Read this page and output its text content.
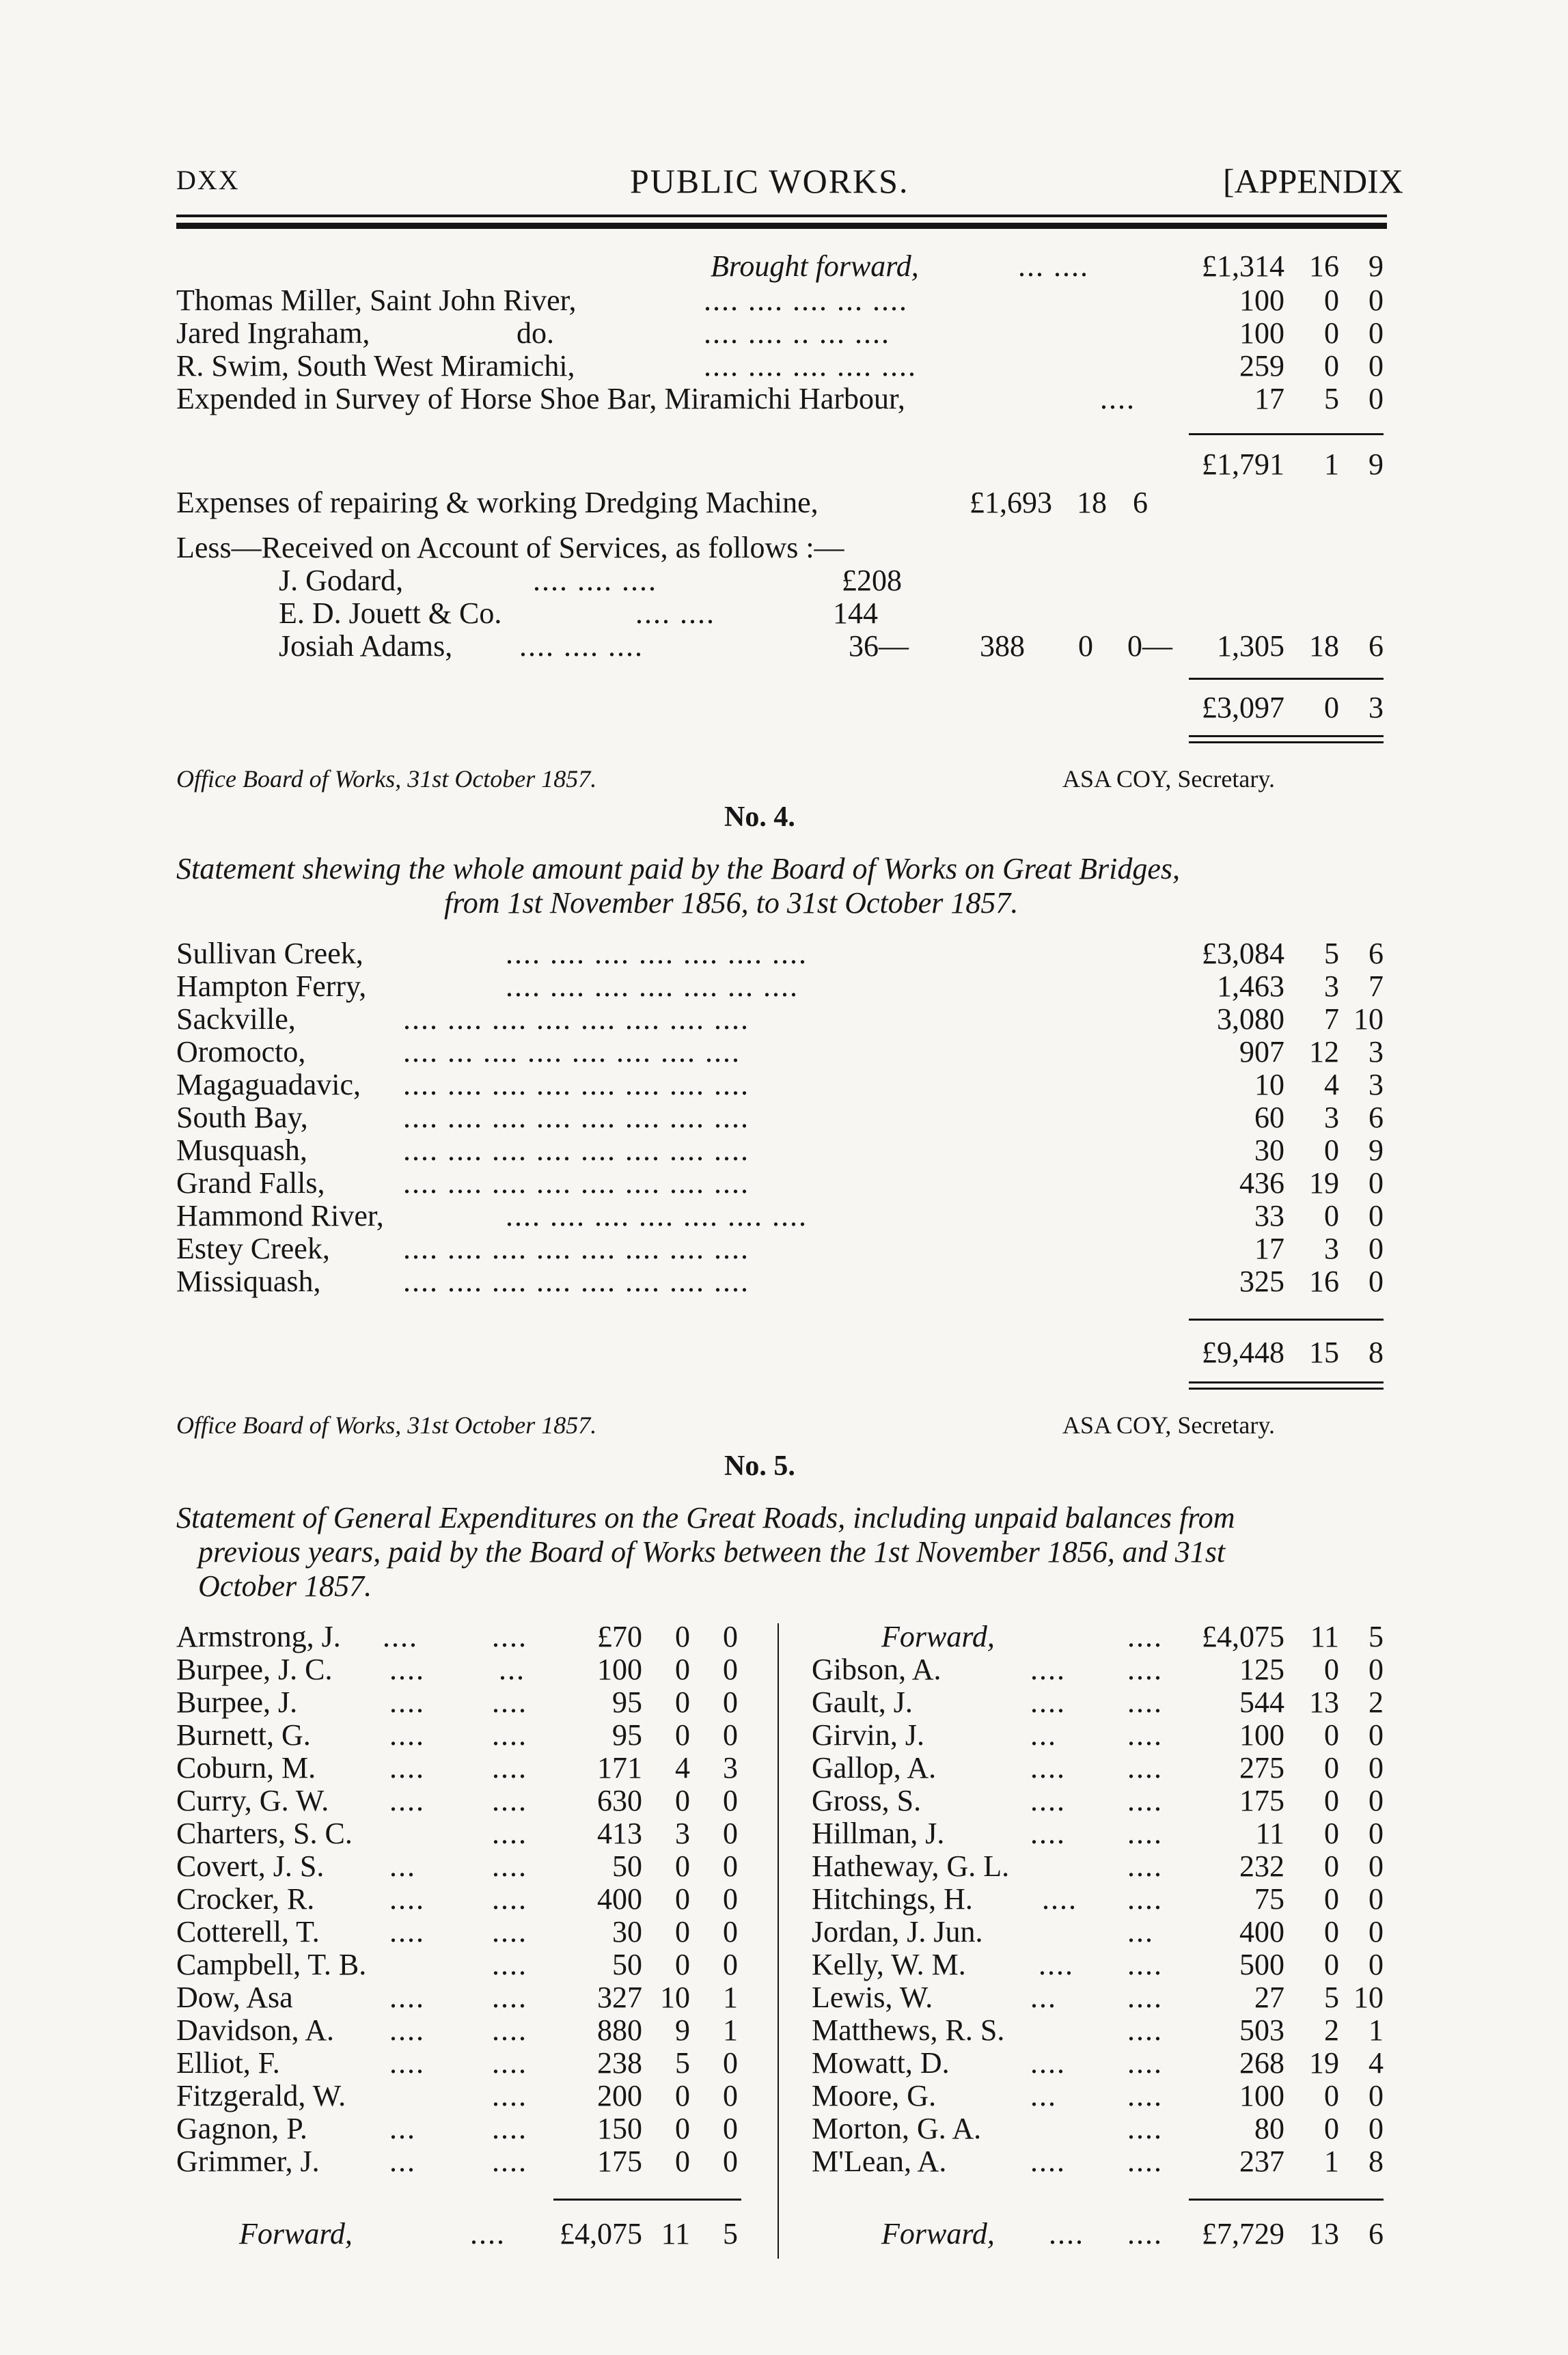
DXX	PUBLIC WORKS.	[APPENDIX
Brought forward,	... ....	£1,314 16 9
Thomas Miller, Saint John River,	.... .... .... ... ....	100	0 0
Jared Ingraham,	do.	.... .... .. ... ....	100	0 0
R. Swim, South West Miramichi,	.... .... .... .... ....	259	0 0
Expended in Survey of Horse Shoe Bar, Miramichi Harbour,	....	17	5 0
£1,791	1 9
Expenses of repairing & working Dredging Machine,	£1,693 18 6
Less—Received on Account of Services, as follows :—
J. Godard,	.... .... ....	£208
E. D. Jouett & Co.	.... ....	144
Josiah Adams, .... .... ....	36—	388	0 0—	1,305 18 6
£3,097	0 3
Office Board of Works, 31st October 1857.	ASA COY, Secretary.
No. 4.
Statement shewing the whole amount paid by the Board of Works on Great Bridges,
from 1st November 1856, to 31st October 1857.
Sullivan Creek,	.... .... .... .... .... .... ....	£3,084	5 6
Hampton Ferry,	.... .... .... .... .... ... ....	1,463	3 7
Sackville,	.... .... .... .... .... .... .... ....	3,080	7 10
Oromocto,	.... ... .... .... .... .... .... ....	907 12 3
Magaguadavic, .... .... .... .... .... .... .... ....	10	4 3
South Bay,	.... .... .... .... .... .... .... ....	60	3 6
Musquash,	.... .... .... .... .... .... .... ....	30	0 9
Grand Falls,	.... .... .... .... .... .... .... ....	436 19 0
Hammond River,	.... .... .... .... .... .... ....	33	0 0
Estey Creek, .... .... .... .... .... .... .... ....	17	3 0
Missiquash,	.... .... .... .... .... .... .... ....	325 16 0
£9,448 15 8
Office Board of Works, 31st October 1857.	ASA COY, Secretary.
No. 5.
Statement of General Expenditures on the Great Roads, including unpaid balances from
previous years, paid by the Board of Works between the 1st November 1856, and 31st
October 1857.
Armstrong, J. .... ....	£70	0	0
Burpee, J. C. .... ...	100	0	0
Burpee, J.	.... ....	95	0	0
Burnett, G.	.... ....	95	0	0
Coburn, M. .... ....	171	4	3
Curry, G. W. .... ....	630	0	0
Charters, S. C.	....	413	3	0
Covert, J. S. ...	....	50	0	0
Crocker, R. .... ....	400	0	0
Cotterell, T. .... ....	30	0	0
Campbell, T. B.	....	50	0	0
Dow, Asa	.... ....	327 10	1
Davidson, A. .... ....	880	9	1
Elliot, F.	.... ....	238	5	0
Fitzgerald, W.	....	200	0	0
Gagnon, P.	...	....	150	0	0
Grimmer, J. ...	....	175	0	0
Forward,	....	£4,075 11	5
Forward,	....	£4,075 11 5
Gibson, A.	.... ....	125	0 0
Gault, J.	.... ....	544 13 2
Girvin, J.	... ....	100	0 0
Gallop, A.	.... ....	275	0 0
Gross, S.	.... ....	175	0 0
Hillman, J.	.... ....	11	0 0
Hatheway, G. L.	....	232	0 0
Hitchings, H. .... ....	75	0 0
Jordan, J. Jun.	...	400	0 0
Kelly, W. M. .... ....	500	0 0
Lewis, W.	... ....	27	5 10
Matthews, R. S.	....	503	2 1
Mowatt, D.	.... ....	268 19 4
Moore, G.	... ....	100	0 0
Morton, G. A.	....	80	0 0
M'Lean, A.	.... ....	237	1 8
Forward, .... ....	£7,729 13 6
